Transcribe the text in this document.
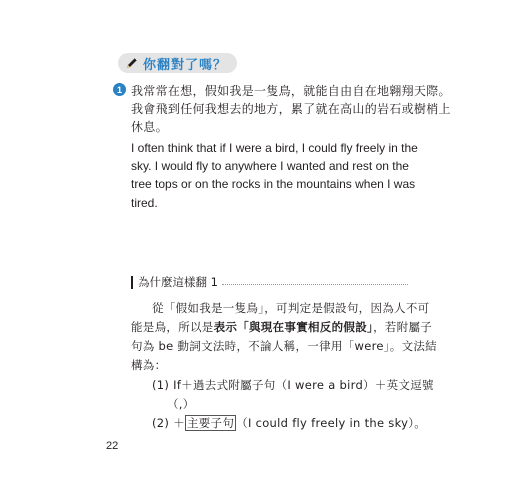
你翻對了嗎？
1 我常常在想，假如我是一隻鳥，就能自由自在地翱翔天際。
我會飛到任何我想去的地方，累了就在高山的岩石或樹梢上
休息。
I often think that if I were a bird, I could fly freely in the
sky. I would fly to anywhere I wanted and rest on the
tree tops or on the rocks in the mountains when I was
tired.
為什麼這樣翻 1
從「假如我是一隻鳥」，可判定是假設句，因為人不可
能是鳥，所以是表示「與現在事實相反的假設」，若附屬子
句為 be 動詞文法時，不論人稱，一律用「were」。文法結
構為：
(1) If＋過去式附屬子句（I were a bird）＋英文逗號
（,）
(2) ＋ 主要子句 （I could fly freely in the sky）。
22
